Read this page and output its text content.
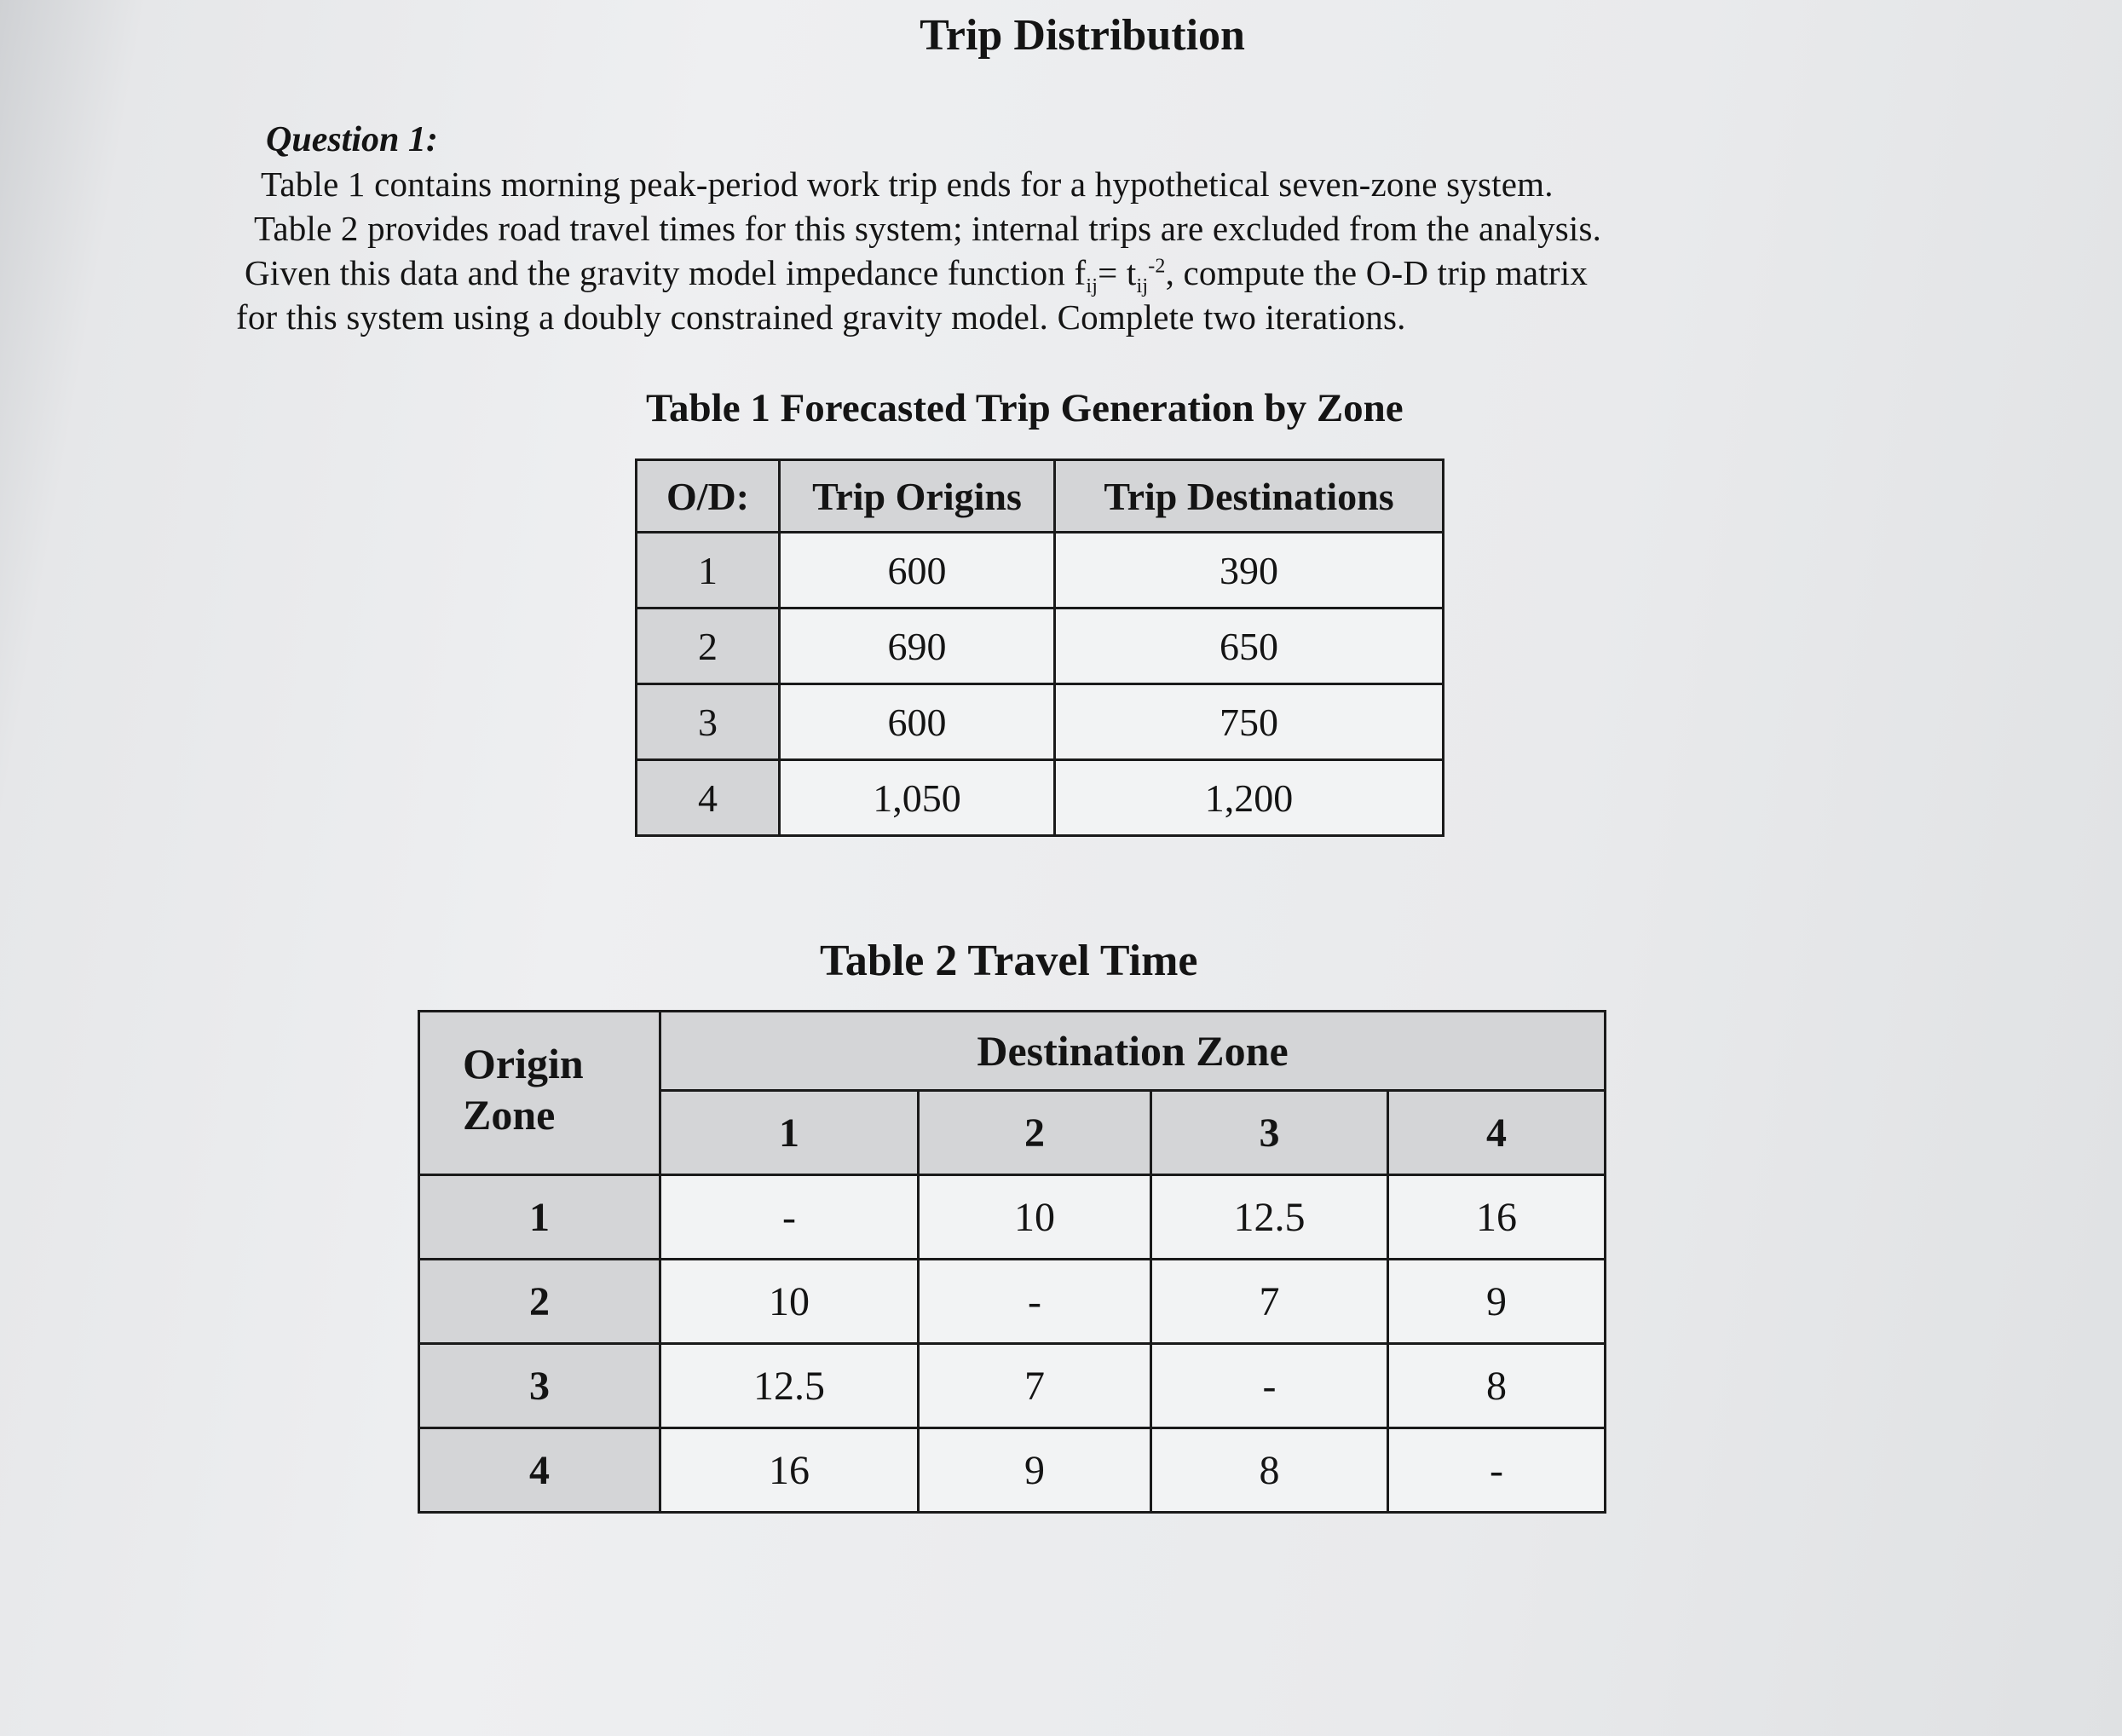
Trip Distribution
Question 1:
Table 1 contains morning peak-period work trip ends for a hypothetical seven-zone system.
Table 2 provides road travel times for this system; internal trips are excluded from the analysis.
Given this data and the gravity model impedance function $f_{ij}= t_{ij}^{-2}$, compute the O-D trip matrix
for this system using a doubly constrained gravity model. Complete two iterations.
Table 1 Forecasted Trip Generation by Zone
O/D:	Trip Origins	Trip Destinations
1	600	390
2	690	650
3	600	750
4	1,050	1,200
Table 2 Travel Time
Origin Zone	Destination Zone			
	1	2	3	4
1	-	10	12.5	16
2	10	-	7	9
3	12.5	7	-	8
4	16	9	8	-
